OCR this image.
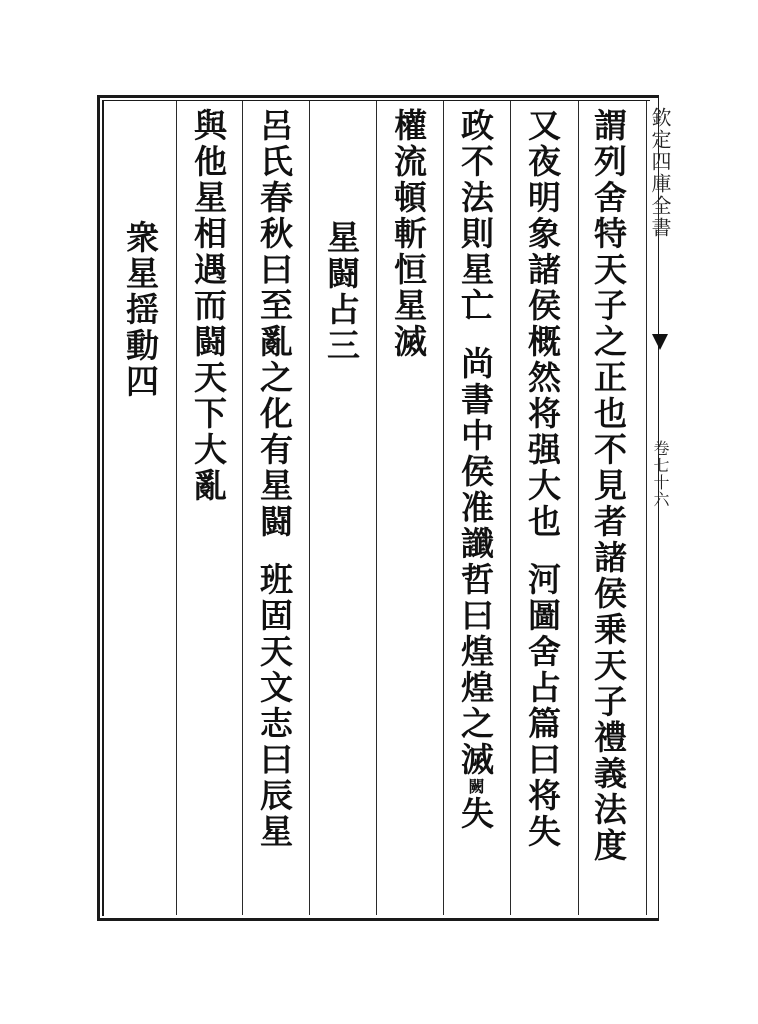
欽定四庫全書
卷七十六
謂列舍特天子之正也不見者諸侯乗天子禮義法度
又夜明象諸侯概然将强大也河圖舍占篇曰将失
政不法則星亡尚書中侯准讖哲曰煌煌之滅闕失
權流頓斬恒星滅
星闘占三
呂氏春秋曰至亂之化有星闘班固天文志曰辰星
與他星相遇而闘天下大亂
衆星揺動四
